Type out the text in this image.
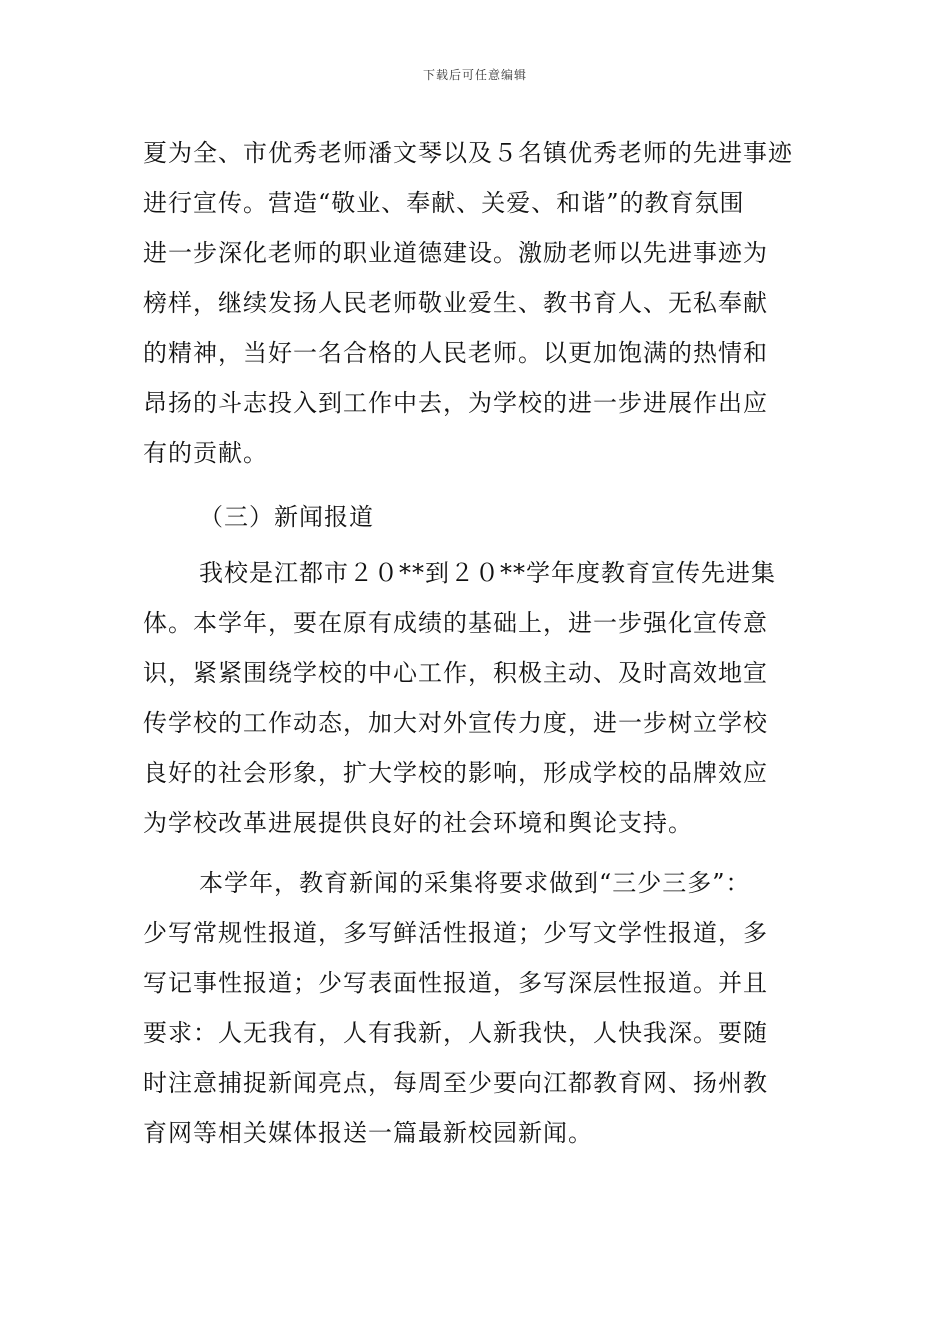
下载后可任意编辑
夏为全、市优秀老师潘文琴以及５名镇优秀老师的先进事迹
进行宣传。营造“敬业、奉献、关爱、和谐”的教育氛围
进一步深化老师的职业道德建设。激励老师以先进事迹为
榜样，继续发扬人民老师敬业爱生、教书育人、无私奉献
的精神，当好一名合格的人民老师。以更加饱满的热情和
昂扬的斗志投入到工作中去，为学校的进一步进展作出应
有的贡献。
（三）新闻报道
我校是江都市２０**到２０**学年度教育宣传先进集
体。本学年，要在原有成绩的基础上，进一步强化宣传意
识，紧紧围绕学校的中心工作，积极主动、及时高效地宣
传学校的工作动态，加大对外宣传力度，进一步树立学校
良好的社会形象，扩大学校的影响，形成学校的品牌效应
为学校改革进展提供良好的社会环境和舆论支持。
本学年，教育新闻的采集将要求做到“三少三多”：
少写常规性报道，多写鲜活性报道；少写文学性报道，多
写记事性报道；少写表面性报道，多写深层性报道。并且
要求：人无我有，人有我新，人新我快，人快我深。要随
时注意捕捉新闻亮点，每周至少要向江都教育网、扬州教
育网等相关媒体报送一篇最新校园新闻。
